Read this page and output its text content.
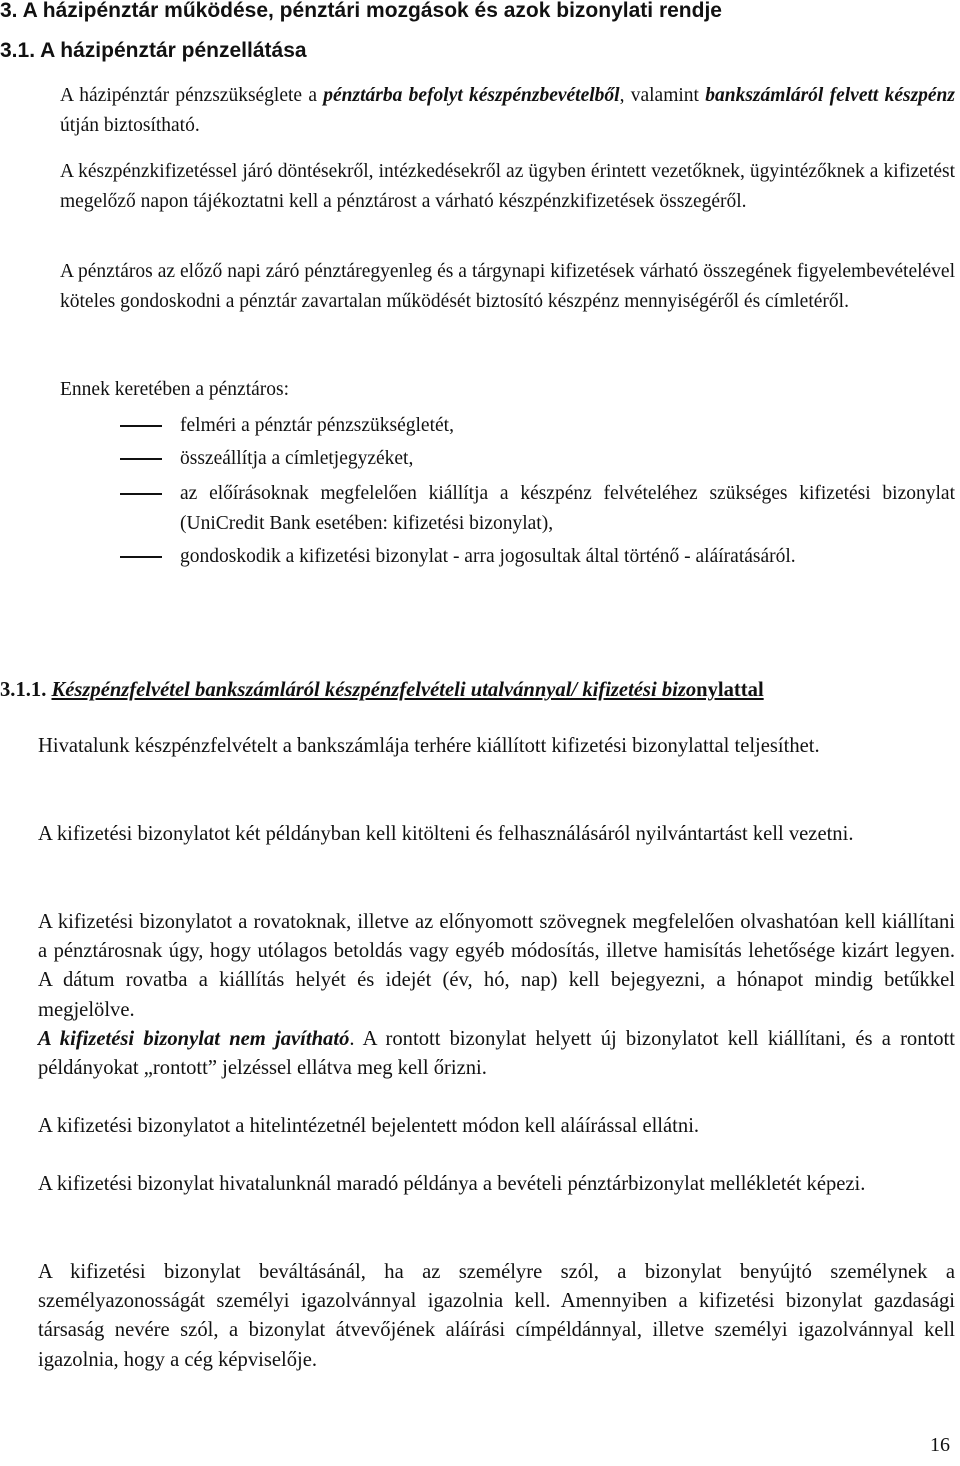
3. A házipénztár működése, pénztári mozgások és azok bizonylati rendje
3.1. A házipénztár pénzellátása

A házipénztár pénzszükséglete a pénztárba befolyt készpénzbevételből, valamint bankszámláról felvett készpénz útján biztosítható.

A készpénzkifizetéssel járó döntésekről, intézkedésekről az ügyben érintett vezetőknek, ügyintézőknek a kifizetést megelőző napon tájékoztatni kell a pénztárost a várható készpénzkifizetések összegéről.

A pénztáros az előző napi záró pénztáregyenleg és a tárgynapi kifizetések várható összegének figyelembevételével köteles gondoskodni a pénztár zavartalan működését biztosító készpénz mennyiségéről és címletéről.

Ennek keretében a pénztáros:

felméri a pénztár pénzszükségletét,
összeállítja a címletjegyzéket,
az előírásoknak megfelelően kiállítja a készpénz felvételéhez szükséges kifizetési bizonylat (UniCredit Bank esetében: kifizetési bizonylat),
gondoskodik a kifizetési bizonylat - arra jogosultak által történő - aláíratásáról.
3.1.1. Készpénzfelvétel bankszámláról készpénzfelvételi utalvánnyal/ kifizetési bizonylattal

Hivatalunk készpénzfelvételt a bankszámlája terhére kiállított kifizetési bizonylattal teljesíthet.

A kifizetési bizonylatot két példányban kell kitölteni és felhasználásáról nyilvántartást kell vezetni.

A kifizetési bizonylatot a rovatoknak, illetve az előnyomott szövegnek megfelelően olvashatóan kell kiállítani a pénztárosnak úgy, hogy utólagos betoldás vagy egyéb módosítás, illetve hamisítás lehetősége kizárt legyen. A dátum rovatba a kiállítás helyét és idejét (év, hó, nap) kell bejegyezni, a hónapot mindig betűkkel megjelölve.

A kifizetési bizonylat nem javítható. A rontott bizonylat helyett új bizonylatot kell kiállítani, és a rontott példányokat „rontott” jelzéssel ellátva meg kell őrizni.

A kifizetési bizonylatot a hitelintézetnél bejelentett módon kell aláírással ellátni.

A kifizetési bizonylat hivatalunknál maradó példánya a bevételi pénztárbizonylat mellékletét képezi.

A kifizetési bizonylat beváltásánál, ha az személyre szól, a bizonylat benyújtó személynek a személyazonosságát személyi igazolvánnyal igazolnia kell. Amennyiben a kifizetési bizonylat gazdasági társaság nevére szól, a bizonylat átvevőjének aláírási címpéldánnyal, illetve személyi igazolvánnyal kell igazolnia, hogy a cég képviselője.

16
